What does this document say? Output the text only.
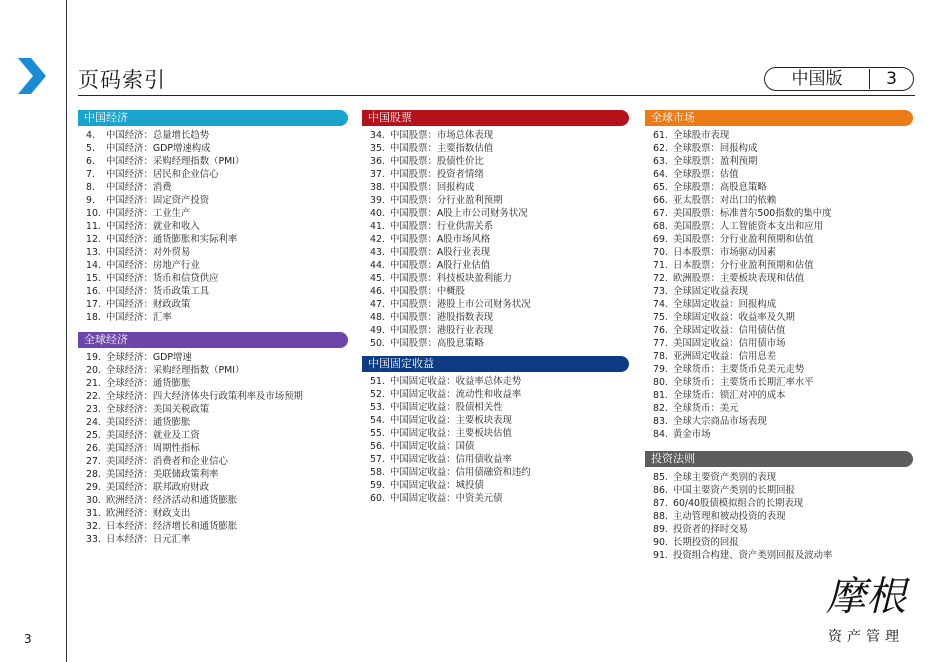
3
页码索引	中国版	3
中国经济
4. 中国经济：总量增长趋势
5. 中国经济：GDP增速构成
6. 中国经济：采购经理指数（PMI）
7. 中国经济：居民和企业信心
8. 中国经济：消费
9. 中国经济：固定资产投资
10. 中国经济：工业生产
11. 中国经济：就业和收入
12. 中国经济：通货膨胀和实际利率
13. 中国经济：对外贸易
14. 中国经济：房地产行业
15. 中国经济：货币和信贷供应
16. 中国经济：货币政策工具
17. 中国经济：财政政策
18. 中国经济：汇率
全球经济
19. 全球经济：GDP增速
20. 全球经济：采购经理指数（PMI）
21. 全球经济：通货膨胀
22. 全球经济：四大经济体央行政策利率及市场预期
23. 全球经济：美国关税政策
24. 美国经济：通货膨胀
25. 美国经济：就业及工资
26. 美国经济：周期性指标
27. 美国经济：消费者和企业信心
28. 美国经济：美联储政策利率
29. 美国经济：联邦政府财政
30. 欧洲经济：经济活动和通货膨胀
31. 欧洲经济：财政支出
32. 日本经济：经济增长和通货膨胀
33. 日本经济：日元汇率
中国股票
34. 中国股票：市场总体表现
35. 中国股票：主要指数估值
36. 中国股票：股债性价比
37. 中国股票：投资者情绪
38. 中国股票：回报构成
39. 中国股票：分行业盈利预期
40. 中国股票：A股上市公司财务状况
41. 中国股票：行业供需关系
42. 中国股票：A股市场风格
43. 中国股票：A股行业表现
44. 中国股票：A股行业估值
45. 中国股票：科技板块盈利能力
46. 中国股票：中概股
47. 中国股票：港股上市公司财务状况
48. 中国股票：港股指数表现
49. 中国股票：港股行业表现
50. 中国股票：高股息策略
中国固定收益
51. 中国固定收益：收益率总体走势
52. 中国固定收益：流动性和收益率
53. 中国固定收益：股债相关性
54. 中国固定收益：主要板块表现
55. 中国固定收益：主要板块估值
56. 中国固定收益：国债
57. 中国固定收益：信用债收益率
58. 中国固定收益：信用债融资和违约
59. 中国固定收益：城投债
60. 中国固定收益：中资美元债
全球市场
61. 全球股市表现
62. 全球股票：回报构成
63. 全球股票：盈利预期
64. 全球股票：估值
65. 全球股票：高股息策略
66. 亚太股票：对出口的依赖
67. 美国股票：标准普尔500指数的集中度
68. 美国股票：人工智能资本支出和应用
69. 美国股票：分行业盈利预期和估值
70. 日本股票：市场驱动因素
71. 日本股票：分行业盈利预期和估值
72. 欧洲股票：主要板块表现和估值
73. 全球固定收益表现
74. 全球固定收益：回报构成
75. 全球固定收益：收益率及久期
76. 全球固定收益：信用债估值
77. 美国固定收益：信用债市场
78. 亚洲固定收益：信用息差
79. 全球货币：主要货币兑美元走势
80. 全球货币：主要货币长期汇率水平
81. 全球货币：锁汇对冲的成本
82. 全球货币：美元
83. 全球大宗商品市场表现
84. 黄金市场
投资法则
85. 全球主要资产类别的表现
86. 中国主要资产类别的长期回报
87. 60/40股债模拟组合的长期表现
88. 主动管理和被动投资的表现
89. 投资者的择时交易
90. 长期投资的回报
91. 投资组合构建、资产类别回报及波动率
摩根
资产管理
